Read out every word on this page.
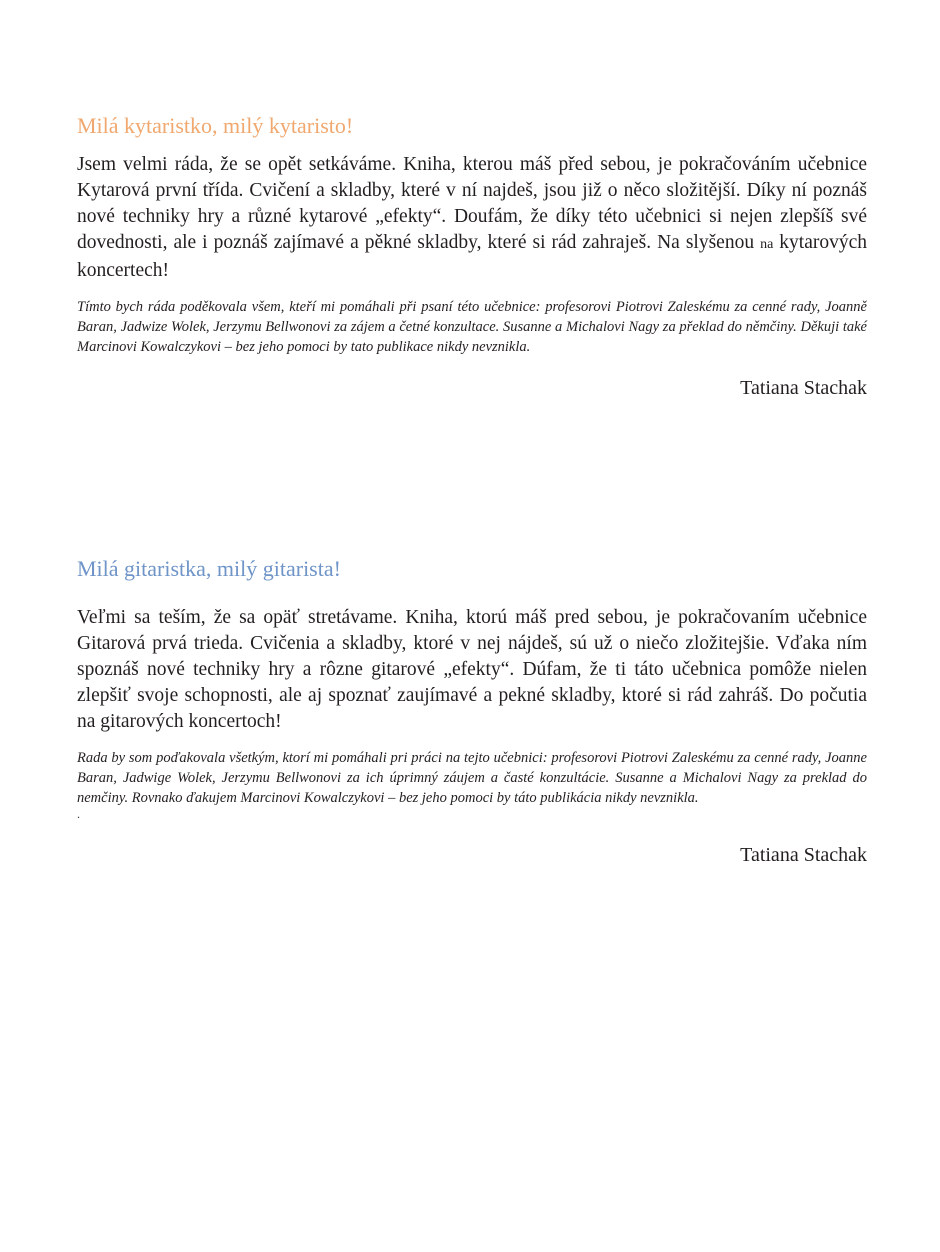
Milá kytaristko, milý kytaristo!

Jsem velmi ráda, že se opět setkáváme. Kniha, kterou máš před sebou, je pokračováním učebnice Kytarová první třída. Cvičení a skladby, které v ní najdeš, jsou již o něco složitější. Díky ní poznáš nové techniky hry a různé kytarové „efekty“. Doufám, že díky této učebnici si nejen zlepšíš své dovednosti, ale i poznáš zajímavé a pěkné skladby, které si rád zahraješ. Na slyšenou na kytarových koncertech!

Tímto bych ráda poděkovala všem, kteří mi pomáhali při psaní této učebnice: profesorovi Piotrovi Zaleskému za cenné rady, Joanně Baran, Jadwize Wolek, Jerzymu Bellwonovi za zájem a četné konzultace. Susanne a Michalovi Nagy za překlad do němčiny. Děkuji také Marcinovi Kowalczykovi – bez jeho pomoci by tato publikace nikdy nevznikla.

Tatiana Stachak

Milá gitaristka, milý gitarista!

Veľmi sa teším, že sa opäť stretávame. Kniha, ktorú máš pred sebou, je pokračovaním učebnice Gitarová prvá trieda. Cvičenia a skladby, ktoré v nej nájdeš, sú už o niečo zložitejšie. Vďaka ním spoznáš nové techniky hry a rôzne gitarové „efekty“. Dúfam, že ti táto učebnica pomôže nielen zlepšiť svoje schopnosti, ale aj spoznať zaujímavé a pekné skladby, ktoré si rád zahráš. Do počutia na gitarových koncertoch!

Rada by som poďakovala všetkým, ktorí mi pomáhali pri práci na tejto učebnici: profesorovi Piotrovi Zaleskému za cenné rady, Joanne Baran, Jadwige Wolek, Jerzymu Bellwonovi za ich úprimný záujem a časté konzultácie. Susanne a Michalovi Nagy za preklad do nemčiny. Rovnako ďakujem Marcinovi Kowalczykovi – bez jeho pomoci by táto publikácia nikdy nevznikla.

.

Tatiana Stachak
